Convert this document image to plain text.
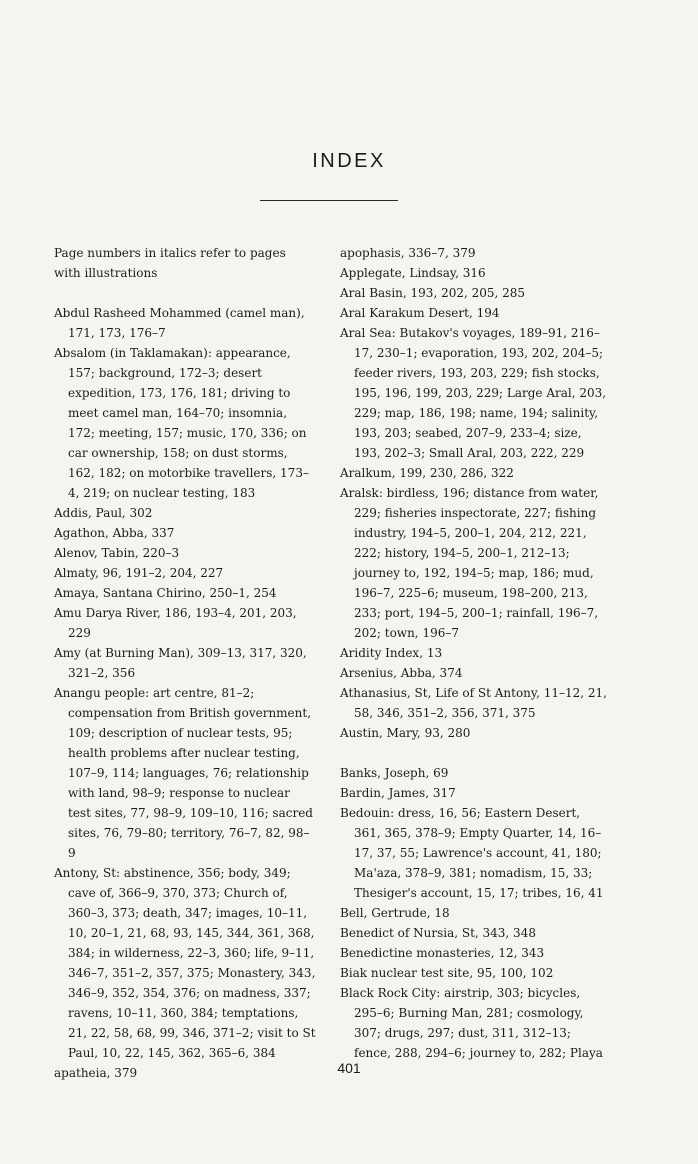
INDEX

Page numbers in italics refer to pages with illustrations

Abdul Rasheed Mohammed (camel man), 171, 173, 176–7

Absalom (in Taklamakan): appearance, 157; background, 172–3; desert expedition, 173, 176, 181; driving to meet camel man, 164–70; insomnia, 172; meeting, 157; music, 170, 336; on car ownership, 158; on dust storms, 162, 182; on motorbike travellers, 173–4, 219; on nuclear testing, 183

Addis, Paul, 302

Agathon, Abba, 337

Alenov, Tabin, 220–3

Almaty, 96, 191–2, 204, 227

Amaya, Santana Chirino, 250–1, 254

Amu Darya River, 186, 193–4, 201, 203, 229

Amy (at Burning Man), 309–13, 317, 320, 321–2, 356

Anangu people: art centre, 81–2; compensation from British government, 109; description of nuclear tests, 95; health problems after nuclear testing, 107–9, 114; languages, 76; relationship with land, 98–9; response to nuclear test sites, 77, 98–9, 109–10, 116; sacred sites, 76, 79–80; territory, 76–7, 82, 98–9

Antony, St: abstinence, 356; body, 349; cave of, 366–9, 370, 373; Church of, 360–3, 373; death, 347; images, 10–11, 10, 20–1, 21, 68, 93, 145, 344, 361, 368, 384; in wilderness, 22–3, 360; life, 9–11, 346–7, 351–2, 357, 375; Monastery, 343, 346–9, 352, 354, 376; on madness, 337; ravens, 10–11, 360, 384; temptations, 21, 22, 58, 68, 99, 346, 371–2; visit to St Paul, 10, 22, 145, 362, 365–6, 384

apatheia, 379

apophasis, 336–7, 379

Applegate, Lindsay, 316

Aral Basin, 193, 202, 205, 285

Aral Karakum Desert, 194

Aral Sea: Butakov's voyages, 189–91, 216–17, 230–1; evaporation, 193, 202, 204–5; feeder rivers, 193, 203, 229; fish stocks, 195, 196, 199, 203, 229; Large Aral, 203, 229; map, 186, 198; name, 194; salinity, 193, 203; seabed, 207–9, 233–4; size, 193, 202–3; Small Aral, 203, 222, 229

Aralkum, 199, 230, 286, 322

Aralsk: birdless, 196; distance from water, 229; fisheries inspectorate, 227; fishing industry, 194–5, 200–1, 204, 212, 221, 222; history, 194–5, 200–1, 212–13; journey to, 192, 194–5; map, 186; mud, 196–7, 225–6; museum, 198–200, 213, 233; port, 194–5, 200–1; rainfall, 196–7, 202; town, 196–7

Aridity Index, 13

Arsenius, Abba, 374

Athanasius, St, Life of St Antony, 11–12, 21, 58, 346, 351–2, 356, 371, 375

Austin, Mary, 93, 280

Banks, Joseph, 69

Bardin, James, 317

Bedouin: dress, 16, 56; Eastern Desert, 361, 365, 378–9; Empty Quarter, 14, 16–17, 37, 55; Lawrence's account, 41, 180; Ma'aza, 378–9, 381; nomadism, 15, 33; Thesiger's account, 15, 17; tribes, 16, 41

Bell, Gertrude, 18

Benedict of Nursia, St, 343, 348

Benedictine monasteries, 12, 343

Biak nuclear test site, 95, 100, 102

Black Rock City: airstrip, 303; bicycles, 295–6; Burning Man, 281; cosmology, 307; drugs, 297; dust, 311, 312–13; fence, 288, 294–6; journey to, 282; Playa

401
